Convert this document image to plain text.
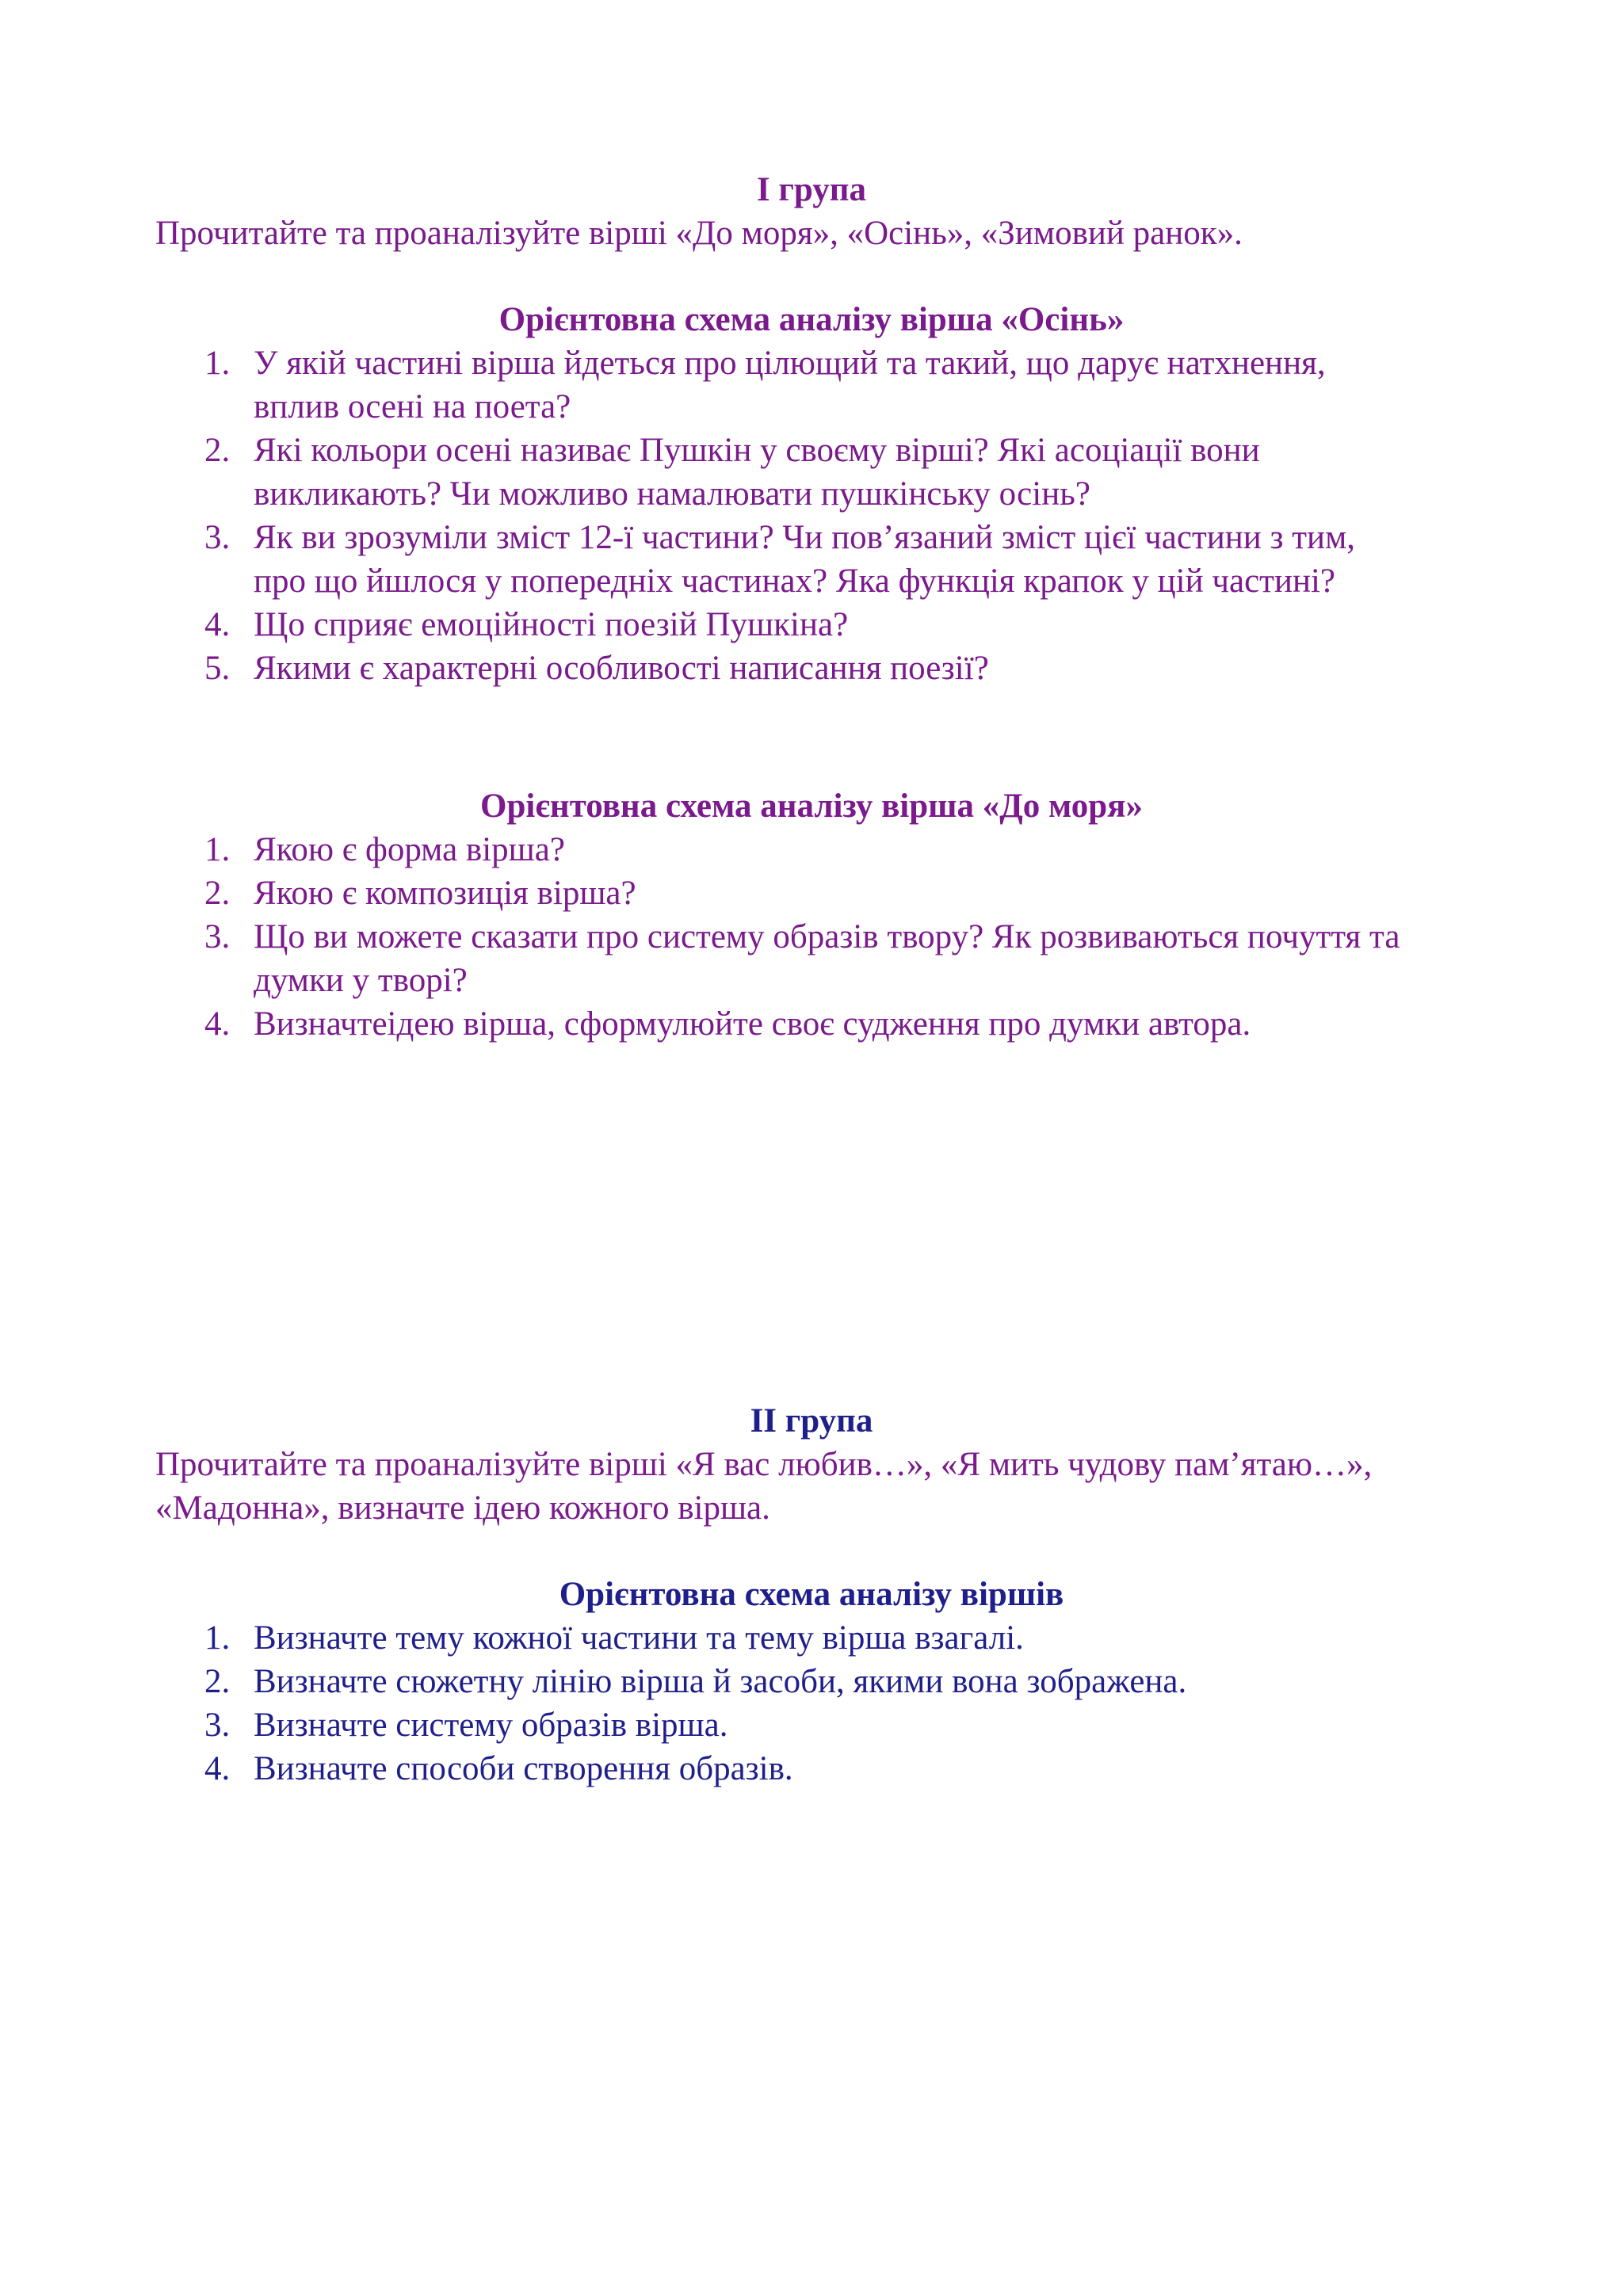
І група

Прочитайте та проаналізуйте вірші «До моря», «Осінь», «Зимовий ранок».

Орієнтовна схема аналізу вірша «Осінь»
1. У якій частині вірша йдеться про цілющий та такий, що дарує натхнення,
вплив осені на поета?
2. Які кольори осені називає Пушкін у своєму вірші? Які асоціації вони
викликають? Чи можливо намалювати пушкінську осінь?
3. Як ви зрозуміли зміст 12-ї частини? Чи пов’язаний зміст цієї частини з тим,
про що йшлося у попередніх частинах? Яка функція крапок у цій частині?
4. Що сприяє емоційності поезій Пушкіна?
5. Якими є характерні особливості написання поезії?
Орієнтовна схема аналізу вірша «До моря»
1. Якою є форма вірша?
2. Якою є композиція вірша?
3. Що ви можете сказати про систему образів твору? Як розвиваються почуття та
думки у творі?
4. Визначтеідею вірша, сформулюйте своє судження про думки автора.
ІІ група

Прочитайте та проаналізуйте вірші «Я вас любив…», «Я мить чудову пам’ятаю…»,
«Мадонна», визначте ідею кожного вірша.

Орієнтовна схема аналізу віршів
1. Визначте тему кожної частини та тему вірша взагалі.
2. Визначте сюжетну лінію вірша й засоби, якими вона зображена.
3. Визначте систему образів вірша.
4. Визначте способи створення образів.
